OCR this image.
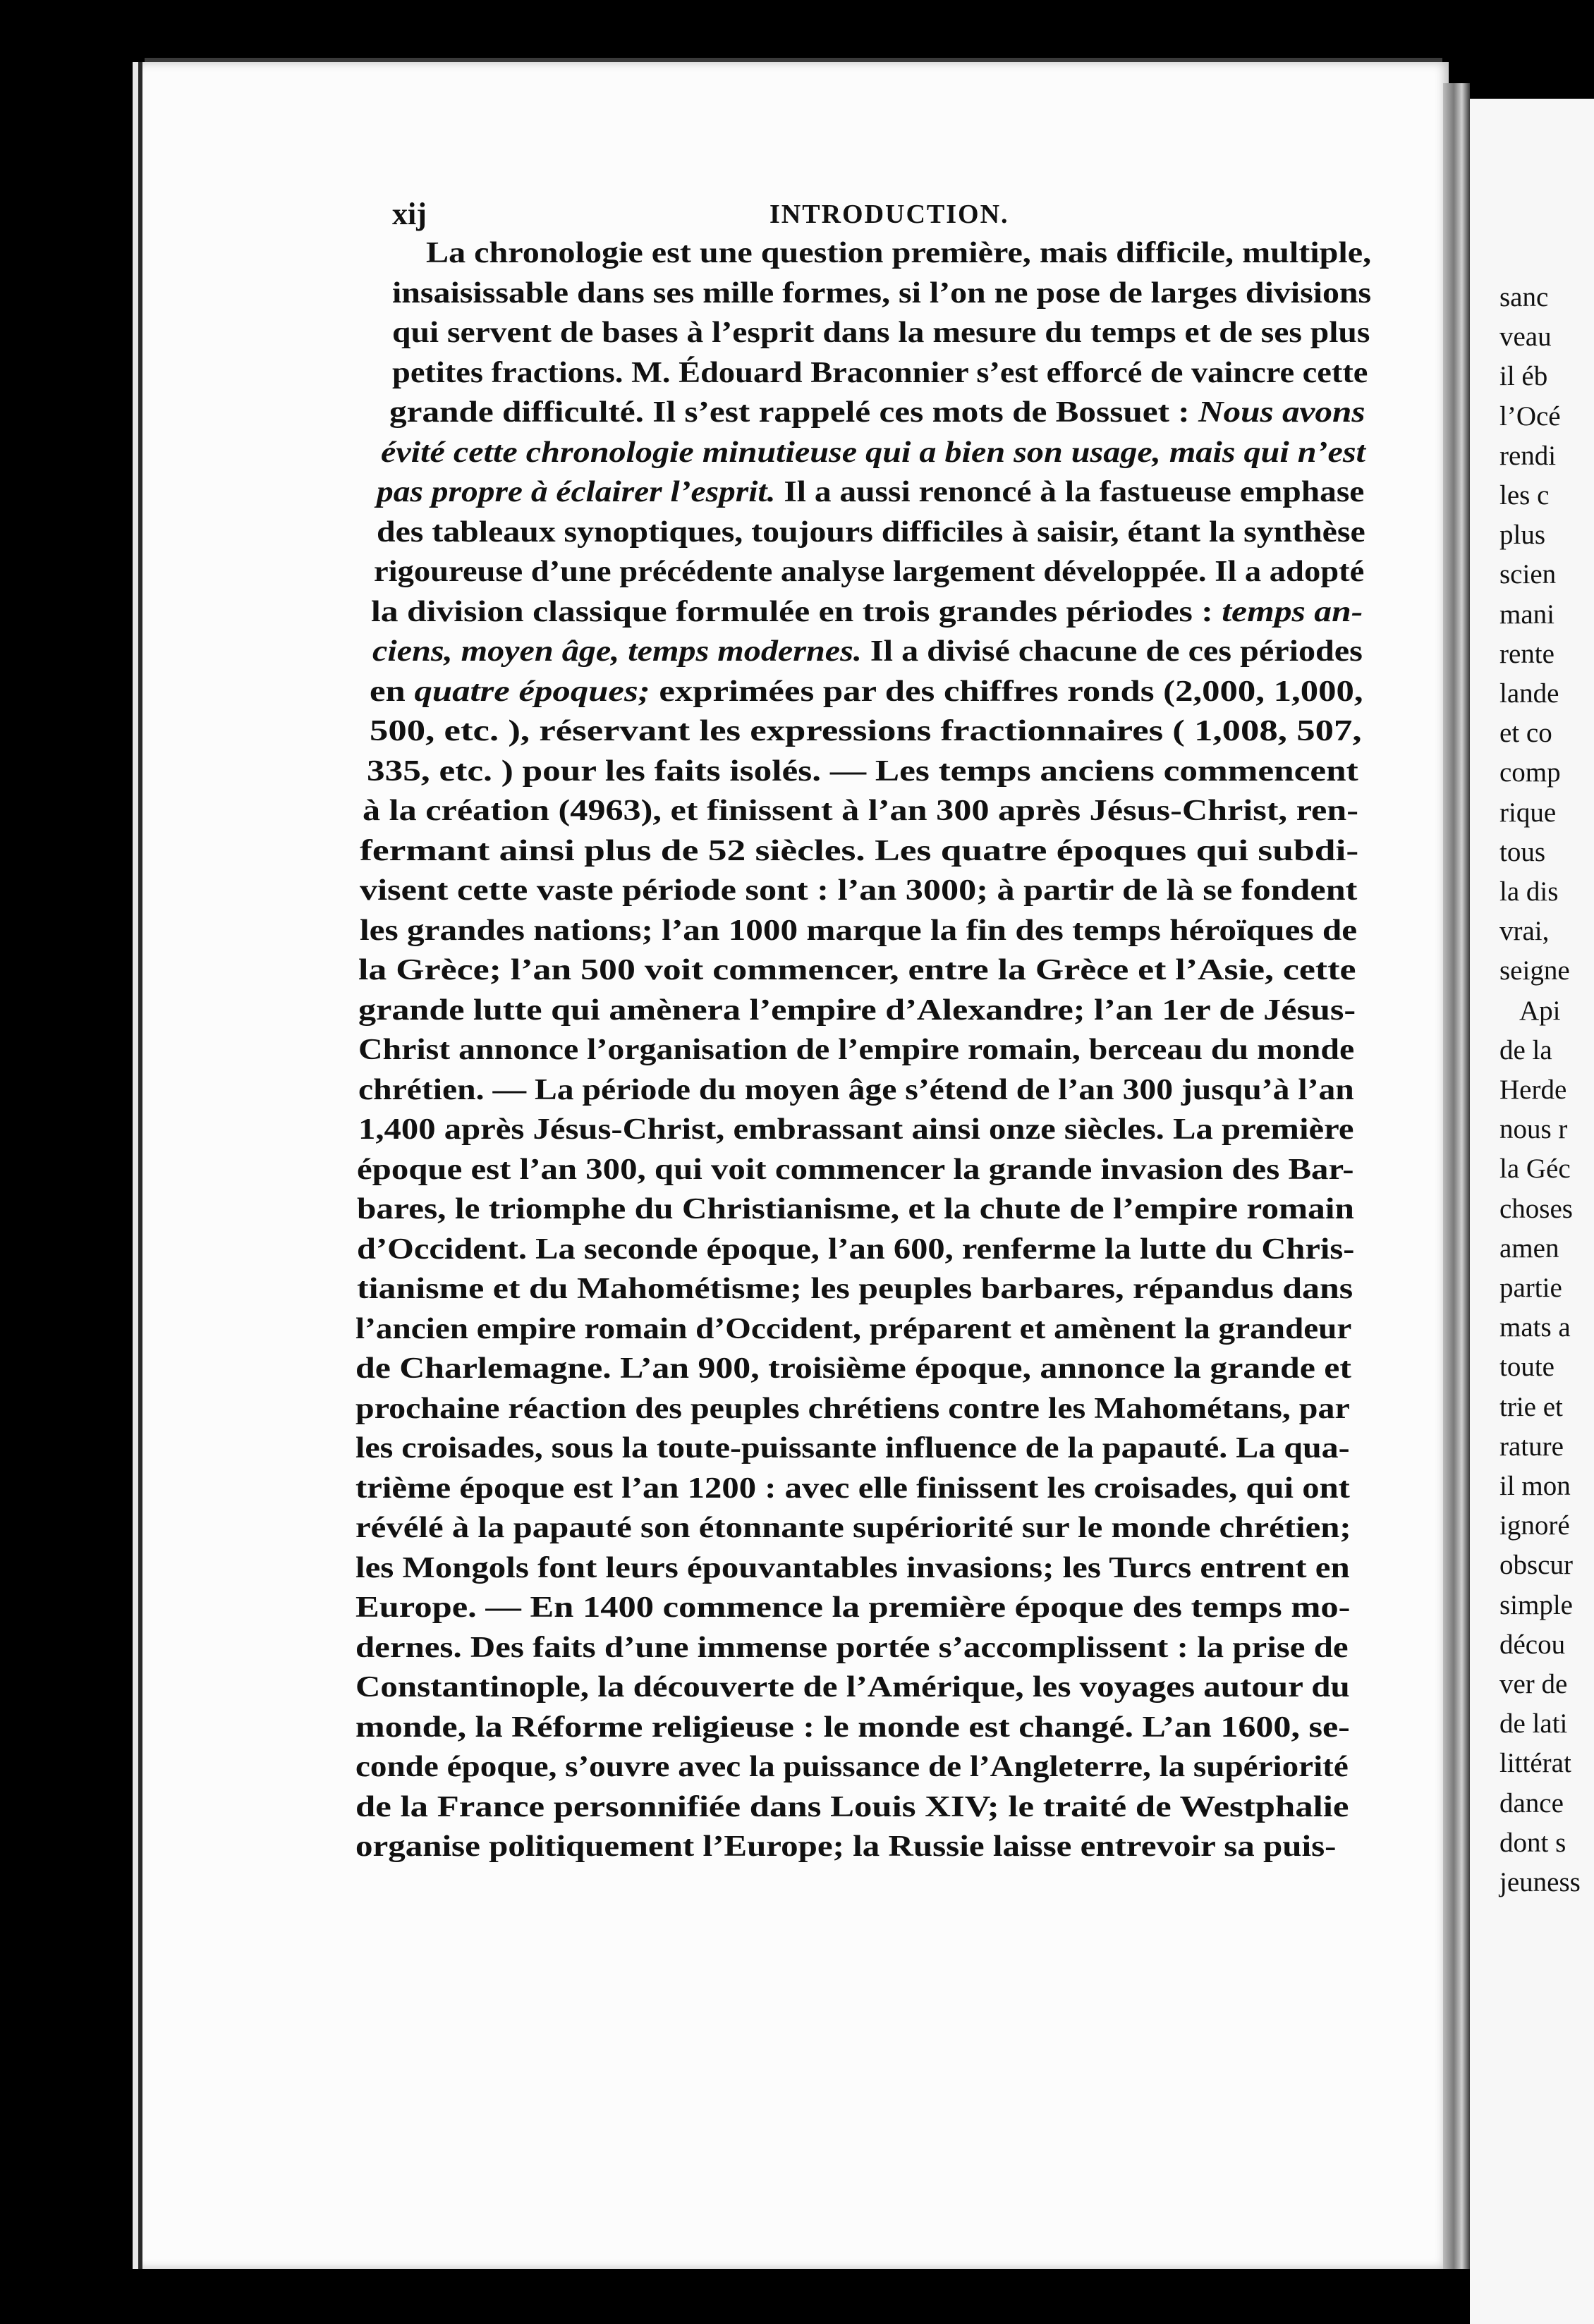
sanc
veau
il éb
l’Océ
rendi
les c
plus
scien
mani
rente
lande
et co
comp
rique
tous
la dis
vrai,
seigne
Api
de la
Herde
nous r
la Géc
choses
amen
partie
mats a
toute
trie et
rature
il mon
ignoré
obscur
simple
décou
ver de
de lati
littérat
dance
dont s
jeuness
xij	INTRODUCTION.
La chronologie est une question première, mais difficile, multiple,
insaisissable dans ses mille formes, si l’on ne pose de larges divisions
qui servent de bases à l’esprit dans la mesure du temps et de ses plus
petites fractions. M. Édouard Braconnier s’est efforcé de vaincre cette
grande difficulté. Il s’est rappelé ces mots de Bossuet : Nous avons
évité cette chronologie minutieuse qui a bien son usage, mais qui n’est
pas propre à éclairer l’esprit. Il a aussi renoncé à la fastueuse emphase
des tableaux synoptiques, toujours difficiles à saisir, étant la synthèse
rigoureuse d’une précédente analyse largement développée. Il a adopté
la division classique formulée en trois grandes périodes : temps an-
ciens, moyen âge, temps modernes. Il a divisé chacune de ces périodes
en quatre époques; exprimées par des chiffres ronds (2,000, 1,000,
500, etc. ), réservant les expressions fractionnaires ( 1,008, 507,
335, etc. ) pour les faits isolés. — Les temps anciens commencent
à la création (4963), et finissent à l’an 300 après Jésus-Christ, ren-
fermant ainsi plus de 52 siècles. Les quatre époques qui subdi-
visent cette vaste période sont : l’an 3000; à partir de là se fondent
les grandes nations; l’an 1000 marque la fin des temps héroïques de
la Grèce; l’an 500 voit commencer, entre la Grèce et l’Asie, cette
grande lutte qui amènera l’empire d’Alexandre; l’an 1er de Jésus-
Christ annonce l’organisation de l’empire romain, berceau du monde
chrétien. — La période du moyen âge s’étend de l’an 300 jusqu’à l’an
1,400 après Jésus-Christ, embrassant ainsi onze siècles. La première
époque est l’an 300, qui voit commencer la grande invasion des Bar-
bares, le triomphe du Christianisme, et la chute de l’empire romain
d’Occident. La seconde époque, l’an 600, renferme la lutte du Chris-
tianisme et du Mahométisme; les peuples barbares, répandus dans
l’ancien empire romain d’Occident, préparent et amènent la grandeur
de Charlemagne. L’an 900, troisième époque, annonce la grande et
prochaine réaction des peuples chrétiens contre les Mahométans, par
les croisades, sous la toute-puissante influence de la papauté. La qua-
trième époque est l’an 1200 : avec elle finissent les croisades, qui ont
révélé à la papauté son étonnante supériorité sur le monde chrétien;
les Mongols font leurs épouvantables invasions; les Turcs entrent en
Europe. — En 1400 commence la première époque des temps mo-
dernes. Des faits d’une immense portée s’accomplissent : la prise de
Constantinople, la découverte de l’Amérique, les voyages autour du
monde, la Réforme religieuse : le monde est changé. L’an 1600, se-
conde époque, s’ouvre avec la puissance de l’Angleterre, la supériorité
de la France personnifiée dans Louis XIV; le traité de Westphalie
organise politiquement l’Europe; la Russie laisse entrevoir sa puis-
